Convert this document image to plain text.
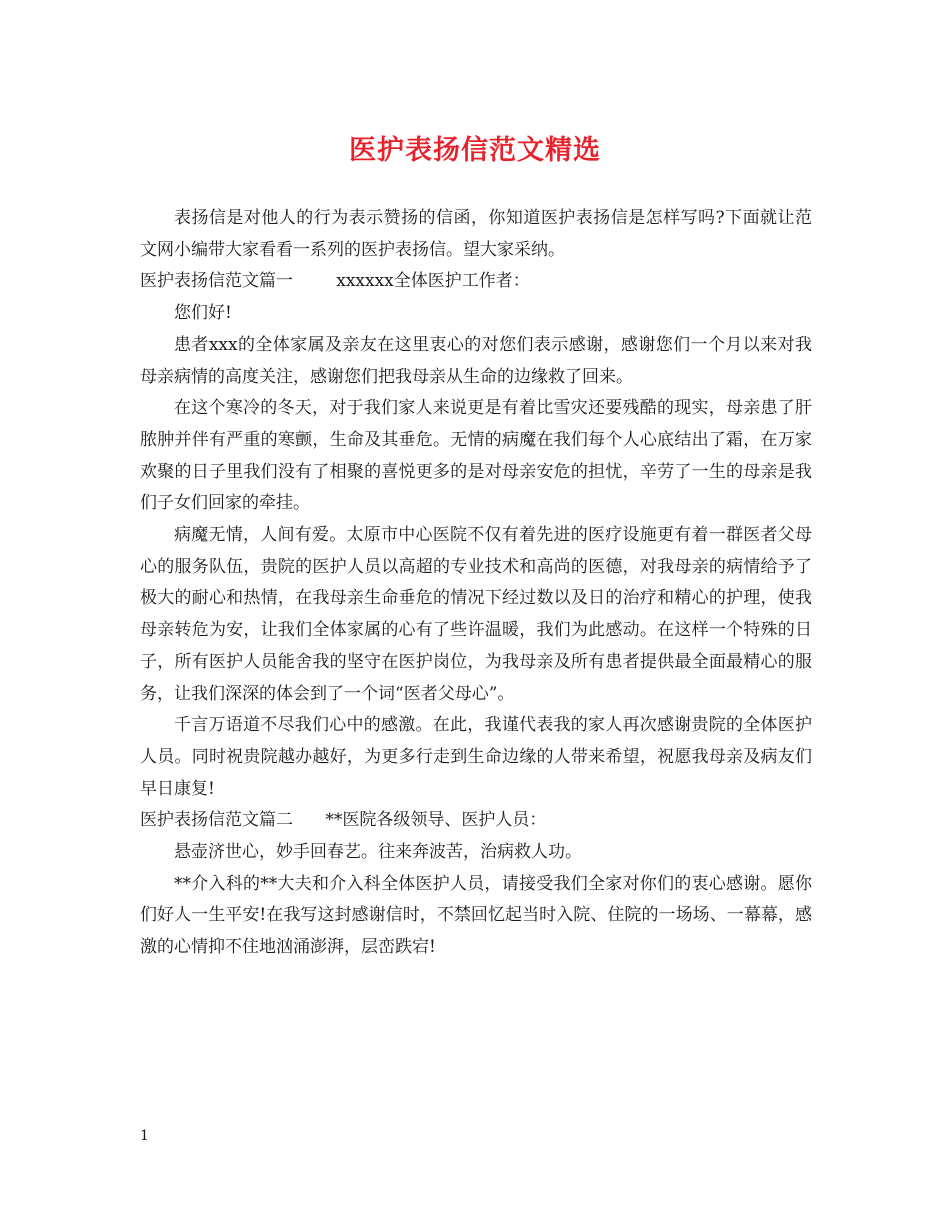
医护表扬信范文精选

表扬信是对他人的行为表示赞扬的信函，你知道医护表扬信是怎样写吗?下面就让范文网小编带大家看看一系列的医护表扬信。望大家采纳。

医护表扬信范文篇一        xxxxxx全体医护工作者：

您们好!

患者xxx的全体家属及亲友在这里衷心的对您们表示感谢，感谢您们一个月以来对我母亲病情的高度关注，感谢您们把我母亲从生命的边缘救了回来。

在这个寒冷的冬天，对于我们家人来说更是有着比雪灾还要残酷的现实，母亲患了肝脓肿并伴有严重的寒颤，生命及其垂危。无情的病魔在我们每个人心底结出了霜，在万家欢聚的日子里我们没有了相聚的喜悦更多的是对母亲安危的担忧，辛劳了一生的母亲是我们子女们回家的牵挂。

病魔无情，人间有爱。太原市中心医院不仅有着先进的医疗设施更有着一群医者父母心的服务队伍，贵院的医护人员以高超的专业技术和高尚的医德，对我母亲的病情给予了极大的耐心和热情，在我母亲生命垂危的情况下经过数以及日的治疗和精心的护理，使我母亲转危为安，让我们全体家属的心有了些许温暖，我们为此感动。在这样一个特殊的日子，所有医护人员能舍我的坚守在医护岗位，为我母亲及所有患者提供最全面最精心的服务，让我们深深的体会到了一个词“医者父母心”。

千言万语道不尽我们心中的感激。在此，我谨代表我的家人再次感谢贵院的全体医护人员。同时祝贵院越办越好，为更多行走到生命边缘的人带来希望，祝愿我母亲及病友们早日康复!

医护表扬信范文篇二      **医院各级领导、医护人员：

悬壶济世心，妙手回春艺。往来奔波苦，治病救人功。

**介入科的**大夫和介入科全体医护人员，请接受我们全家对你们的衷心感谢。愿你们好人一生平安!在我写这封感谢信时，不禁回忆起当时入院、住院的一场场、一幕幕，感激的心情抑不住地汹涌澎湃，层峦跌宕!

1
